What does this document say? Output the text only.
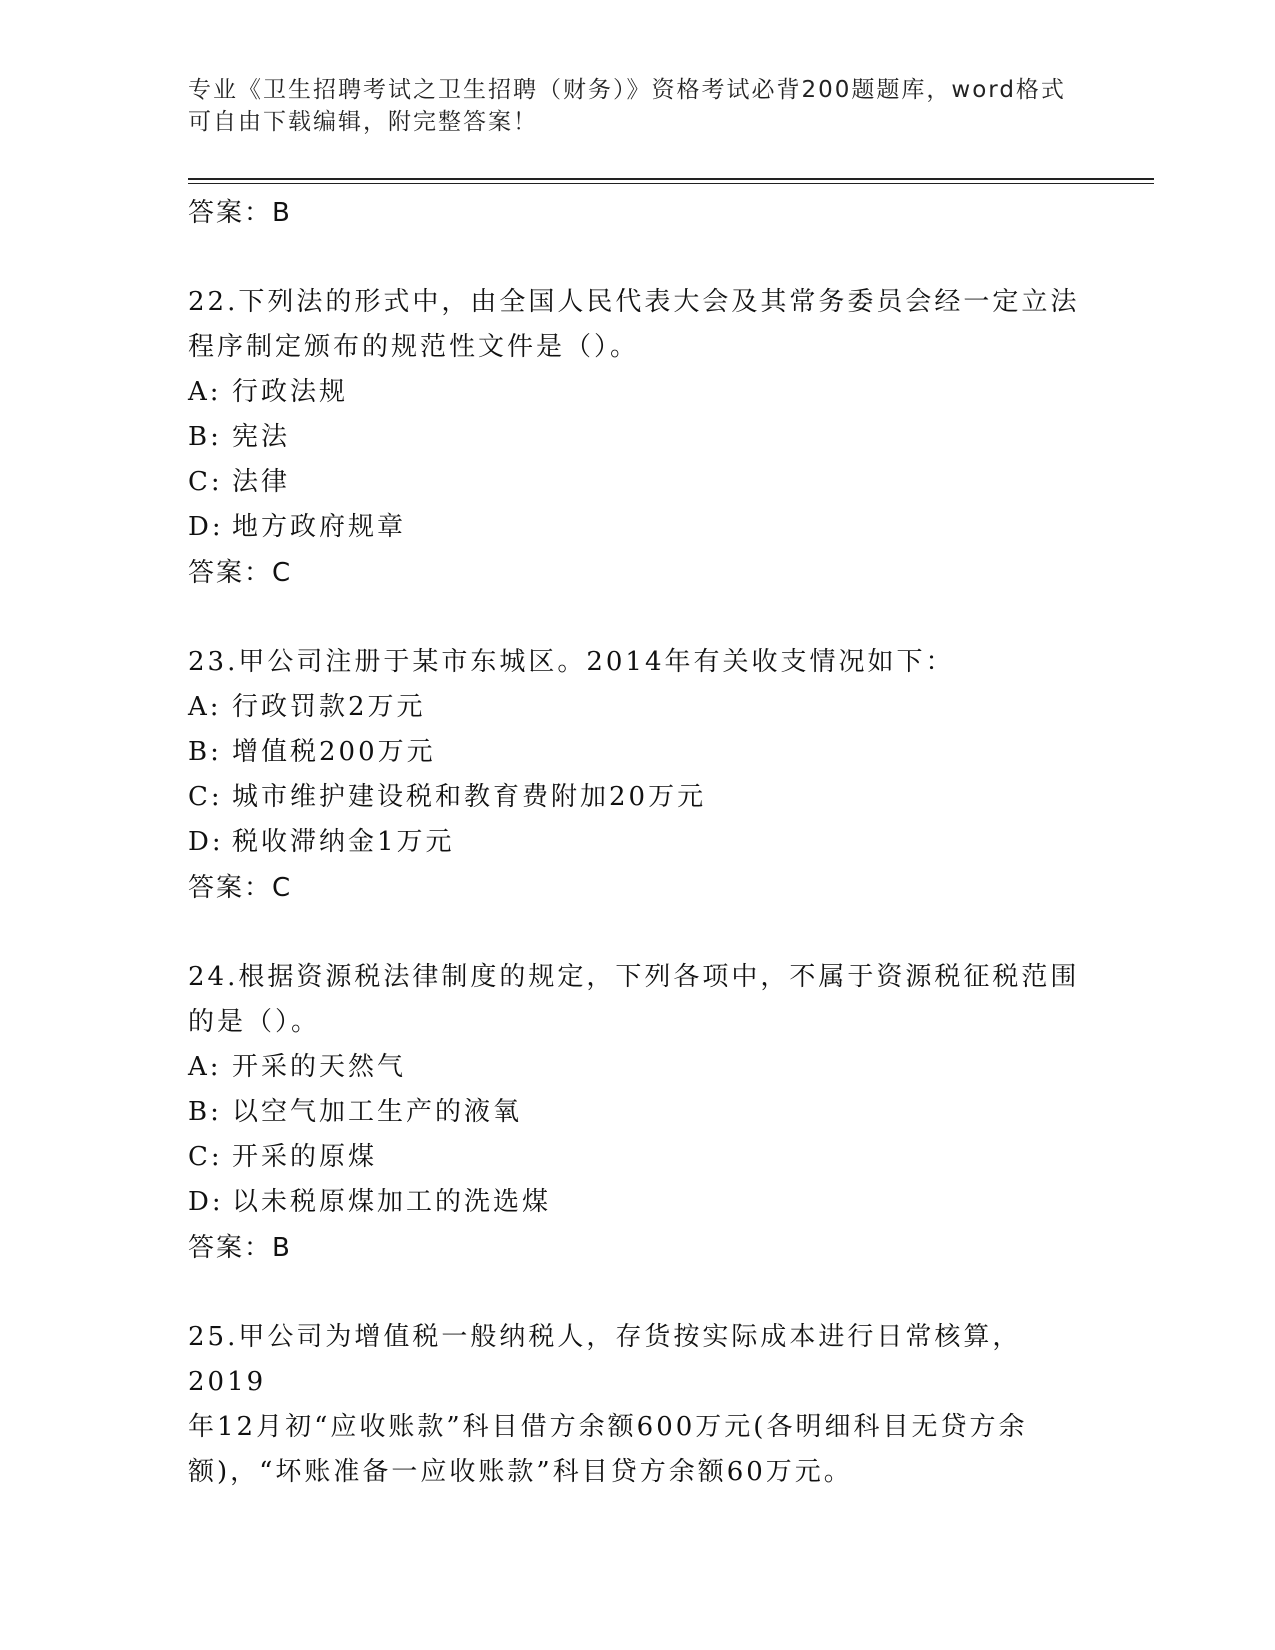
专业《卫生招聘考试之卫生招聘（财务）》资格考试必背200题题库，word格式
可自由下载编辑，附完整答案！
答案：B

22.下列法的形式中，由全国人民代表大会及其常务委员会经一定立法

程序制定颁布的规范性文件是（）。

A: 行政法规

B: 宪法

C: 法律

D: 地方政府规章

答案：C

23.甲公司注册于某市东城区。2014年有关收支情况如下：

A: 行政罚款2万元

B: 增值税200万元

C: 城市维护建设税和教育费附加20万元

D: 税收滞纳金1万元

答案：C

24.根据资源税法律制度的规定，下列各项中，不属于资源税征税范围

的是（）。

A: 开采的天然气

B: 以空气加工生产的液氧

C: 开采的原煤

D: 以未税原煤加工的洗选煤

答案：B

25.甲公司为增值税一般纳税人，存货按实际成本进行日常核算，2019

年12月初“应收账款”科目借方余额600万元(各明细科目无贷方余

额)，“坏账准备一应收账款”科目贷方余额60万元。
